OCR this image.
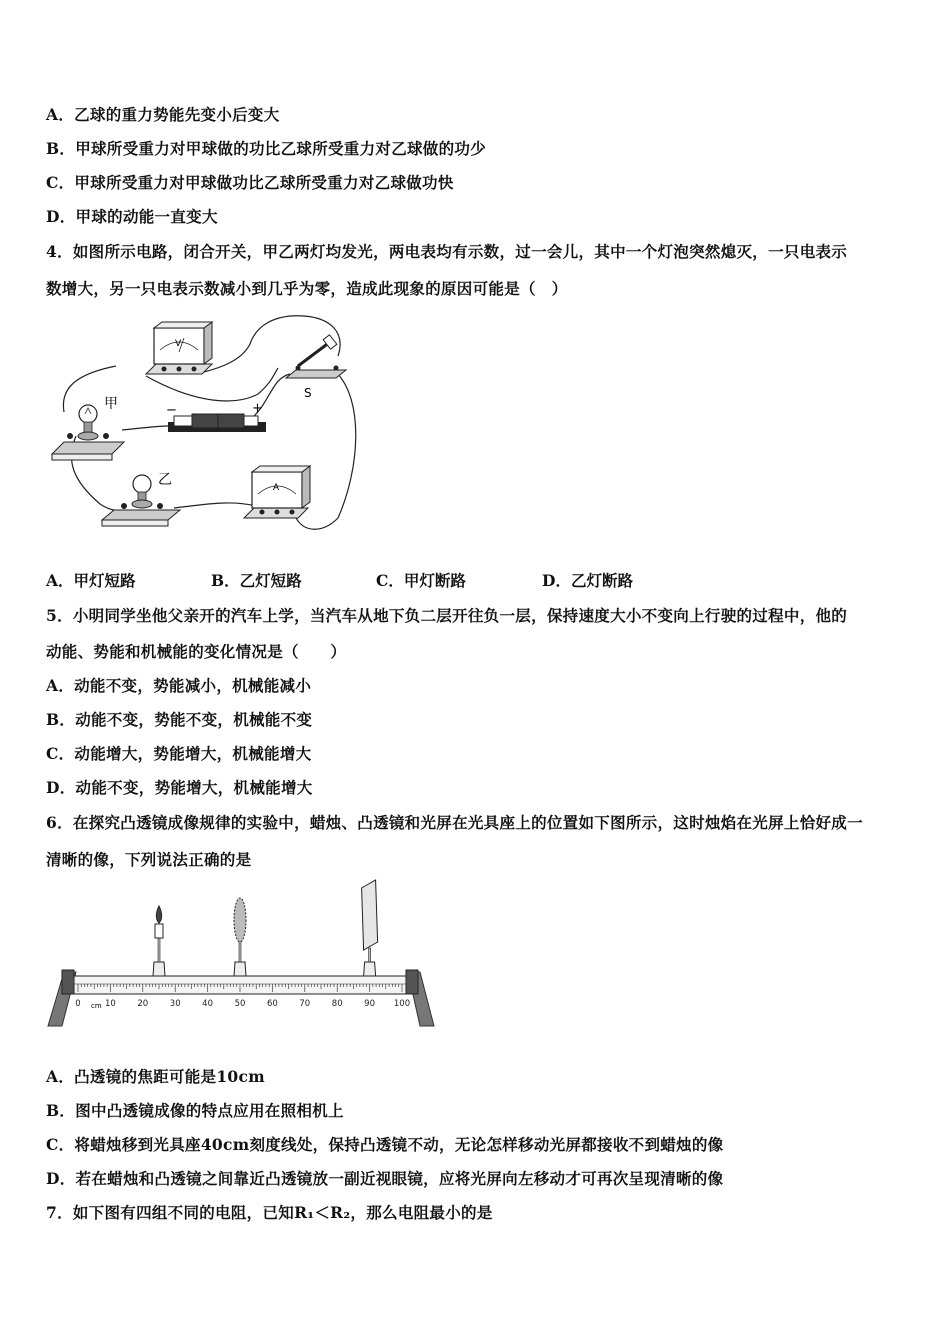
A．乙球的重力势能先变小后变大
B．甲球所受重力对甲球做的功比乙球所受重力对乙球做的功少
C．甲球所受重力对甲球做功比乙球所受重力对乙球做功快
D．甲球的动能一直变大
4．如图所示电路，闭合开关，甲乙两灯均发光，两电表均有示数，过一会儿，其中一个灯泡突然熄灭，一只电表示
数增大，另一只电表示数减小到几乎为零，造成此现象的原因可能是（　）
V
S
甲	−	+
乙	A
A．甲灯短路	B．乙灯短路	C．甲灯断路	D．乙灯断路
5．小明同学坐他父亲开的汽车上学，当汽车从地下负二层开往负一层，保持速度大小不变向上行驶的过程中，他的
动能、势能和机械能的变化情况是（　　）
A．动能不变，势能减小，机械能减小
B．动能不变，势能不变，机械能不变
C．动能增大，势能增大，机械能增大
D．动能不变，势能增大，机械能增大
6．在探究凸透镜成像规律的实验中，蜡烛、凸透镜和光屏在光具座上的位置如下图所示，这时烛焰在光屏上恰好成一
清晰的像，下列说法正确的是
0	10	20	30	40	50	60	70	80	90 100
cm
A．凸透镜的焦距可能是10cm
B．图中凸透镜成像的特点应用在照相机上
C．将蜡烛移到光具座40cm刻度线处，保持凸透镜不动，无论怎样移动光屏都接收不到蜡烛的像
D．若在蜡烛和凸透镜之间靠近凸透镜放一副近视眼镜，应将光屏向左移动才可再次呈现清晰的像
7．如下图有四组不同的电阻，已知R₁＜R₂，那么电阻最小的是
